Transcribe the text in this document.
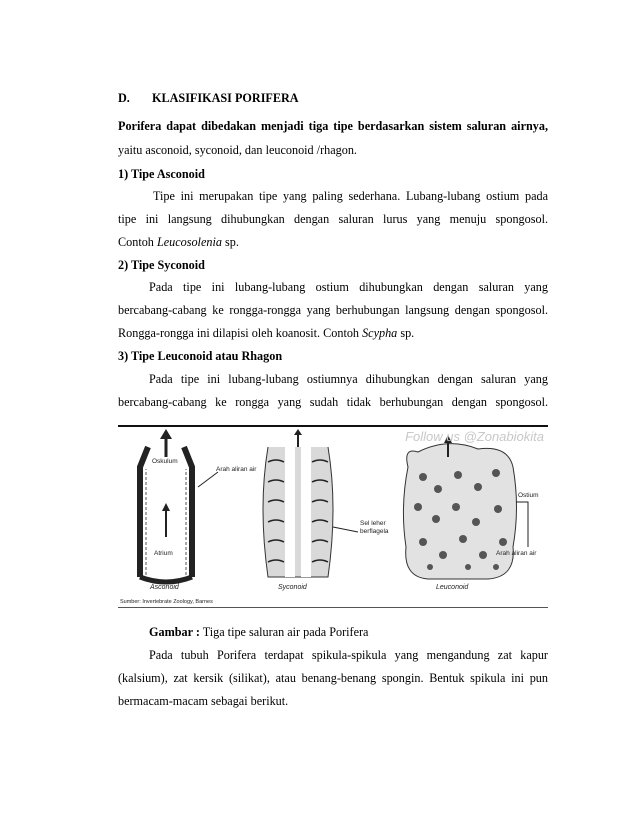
D. KLASIFIKASI PORIFERA
Porifera dapat dibedakan menjadi tiga tipe berdasarkan sistem saluran airnya,
yaitu asconoid, syconoid, dan leuconoid /rhagon.
1) Tipe Asconoid
Tipe ini merupakan tipe yang paling sederhana. Lubang-lubang ostium pada
tipe ini langsung dihubungkan dengan saluran lurus yang menuju spongosol.
Contoh Leucosolenia sp.
2) Tipe Syconoid
Pada tipe ini lubang-lubang ostium dihubungkan dengan saluran yang
bercabang-cabang ke rongga-rongga yang berhubungan langsung dengan spongosol.
Rongga-rongga ini dilapisi oleh koanosit. Contoh Scypha sp.
3) Tipe Leuconoid atau Rhagon
Pada tipe ini lubang-lubang ostiumnya dihubungkan dengan saluran yang
bercabang-cabang ke rongga yang sudah tidak berhubungan dengan spongosol.
Oskulum
Arah aliran air
Atrium
Asconoid
Sel leher
berflagela
Syconoid
Ostium
Arah aliran air
Leuconoid
Follow us @Zonabiokita
Sumber: Invertebrate Zoology, Barnes
Gambar : Tiga tipe saluran air pada Porifera
Pada tubuh Porifera terdapat spikula-spikula yang mengandung zat kapur
(kalsium), zat kersik (silikat), atau benang-benang spongin. Bentuk spikula ini pun
bermacam-macam sebagai berikut.
